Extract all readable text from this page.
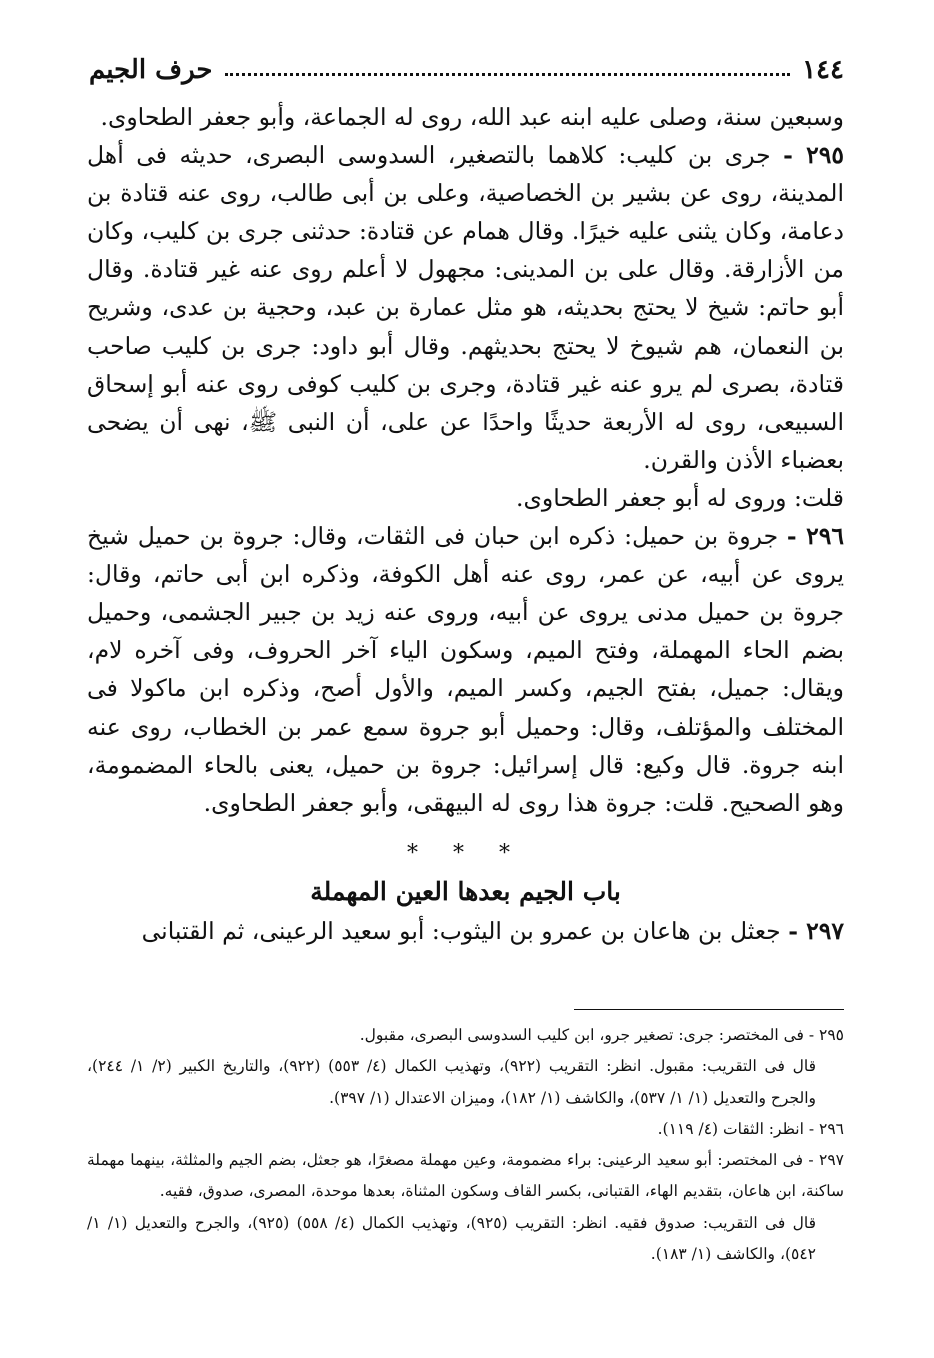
١٤٤
حرف الجيم

وسبعين سنة، وصلى عليه ابنه عبد الله، روى له الجماعة، وأبو جعفر الطحاوى.

٢٩٥ - جرى بن كليب: كلاهما بالتصغير، السدوسى البصرى، حديثه فى أهل المدينة، روى عن بشير بن الخصاصية، وعلى بن أبى طالب، روى عنه قتادة بن دعامة، وكان يثنى عليه خيرًا. وقال همام عن قتادة: حدثنى جرى بن كليب، وكان من الأزارقة. وقال على بن المدينى: مجهول لا أعلم روى عنه غير قتادة. وقال أبو حاتم: شيخ لا يحتج بحديثه، هو مثل عمارة بن عبد، وحجية بن عدى، وشريح بن النعمان، هم شيوخ لا يحتج بحديثهم. وقال أبو داود: جرى بن كليب صاحب قتادة، بصرى لم يرو عنه غير قتادة، وجرى بن كليب كوفى روى عنه أبو إسحاق السبيعى، روى له الأربعة حديثًا واحدًا عن على، أن النبى ﷺ، نهى أن يضحى بعضباء الأذن والقرن.

قلت: وروى له أبو جعفر الطحاوى.

٢٩٦ - جروة بن حميل: ذكره ابن حبان فى الثقات، وقال: جروة بن حميل شيخ يروى عن أبيه، عن عمر، روى عنه أهل الكوفة، وذكره ابن أبى حاتم، وقال: جروة بن حميل مدنى يروى عن أبيه، وروى عنه زيد بن جبير الجشمى، وحميل بضم الحاء المهملة، وفتح الميم، وسكون الياء آخر الحروف، وفى آخره لام، ويقال: جميل، بفتح الجيم، وكسر الميم، والأول أصح، وذكره ابن ماكولا فى المختلف والمؤتلف، وقال: وحميل أبو جروة سمع عمر بن الخطاب، روى عنه ابنه جروة. قال وكيع: قال إسرائيل: جروة بن حميل، يعنى بالحاء المضمومة، وهو الصحيح. قلت: جروة هذا روى له البيهقى، وأبو جعفر الطحاوى.

* * *
باب الجيم بعدها العين المهملة

٢٩٧ - جعثل بن هاعان بن عمرو بن اليثوب: أبو سعيد الرعينى، ثم القتبانى

٢٩٥ - فى المختصر: جرى: تصغير جرو، ابن كليب السدوسى البصرى، مقبول.

قال فى التقريب: مقبول. انظر: التقريب (٩٢٢)، وتهذيب الكمال (٤/ ٥٥٣) (٩٢٢)، والتاريخ الكبير (٢/ ١/ ٢٤٤)، والجرح والتعديل (١/ ١/ ٥٣٧)، والكاشف (١/ ١٨٢)، وميزان الاعتدال (١/ ٣٩٧).

٢٩٦ - انظر: الثقات (٤/ ١١٩).

٢٩٧ - فى المختصر: أبو سعيد الرعينى: براء مضمومة، وعين مهملة مصغرًا، هو جعثل، بضم الجيم والمثلثة، بينهما مهملة ساكنة، ابن هاعان، بتقديم الهاء، القتبانى، بكسر القاف وسكون المثناة، بعدها موحدة، المصرى، صدوق، فقيه.

قال فى التقريب: صدوق فقيه. انظر: التقريب (٩٢٥)، وتهذيب الكمال (٤/ ٥٥٨) (٩٢٥)، والجرح والتعديل (١/ ١/ ٥٤٢)، والكاشف (١/ ١٨٣).
